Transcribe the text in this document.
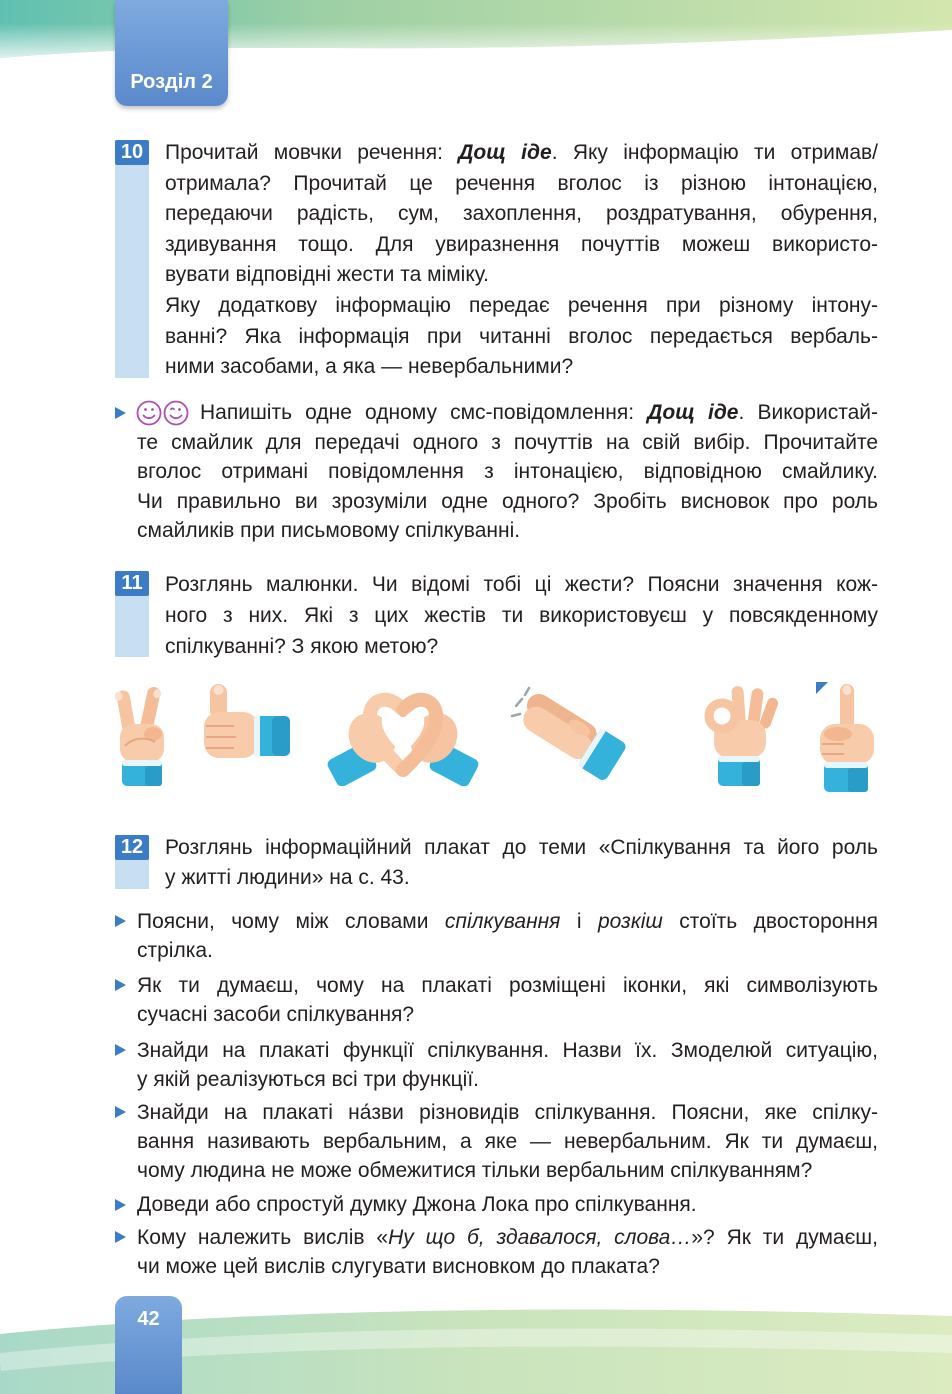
Розділ 2
10 Прочитай мовчки речення: Дощ іде. Яку інформацію ти отримав/
отримала? Прочитай це речення вголос із різною інтонацією,
передаючи радість, сум, захоплення, роздратування, обурення,
здивування тощо. Для увиразнення почуттів можеш використо-
вувати відповідні жести та міміку.
Яку додаткову інформацію передає речення при різному інтону-
ванні? Яка інформація при читанні вголос передається вербаль-
ними засобами, а яка — невербальними?
Напишіть одне одному смс-повідомлення: Дощ іде. Використай-
те смайлик для передачі одного з почуттів на свій вибір. Прочитайте
вголос отримані повідомлення з інтонацією, відповідною смайлику.
Чи правильно ви зрозуміли одне одного? Зробіть висновок про роль
смайликів при письмовому спілкуванні.
11	Розглянь малюнки. Чи відомі тобі ці жести? Поясни значення кож-
ного з них. Які з цих жестів ти використовуєш у повсякденному
спілкуванні? З якою метою?
12 Розглянь інформаційний плакат до теми «Спілкування та його роль
у житті людини» на с. 43.
Поясни, чому між словами спілкування і розкіш стоїть двостороння
стрілка.
Як ти думаєш, чому на плакаті розміщені іконки, які символізують
сучасні засоби спілкування?
Знайди на плакаті функції спілкування. Назви їх. Змоделюй ситуацію,
у якій реалізуються всі три функції.
Знайди на плакаті на́зви різновидів спілкування. Поясни, яке спілку-
вання називають вербальним, а яке — невербальним. Як ти думаєш,
чому людина не може обмежитися тільки вербальним спілкуванням?
Доведи або спростуй думку Джона Лока про спілкування.
Кому належить вислів «Ну що б, здавалося, слова…»? Як ти думаєш,
чи може цей вислів слугувати висновком до плаката?
42
